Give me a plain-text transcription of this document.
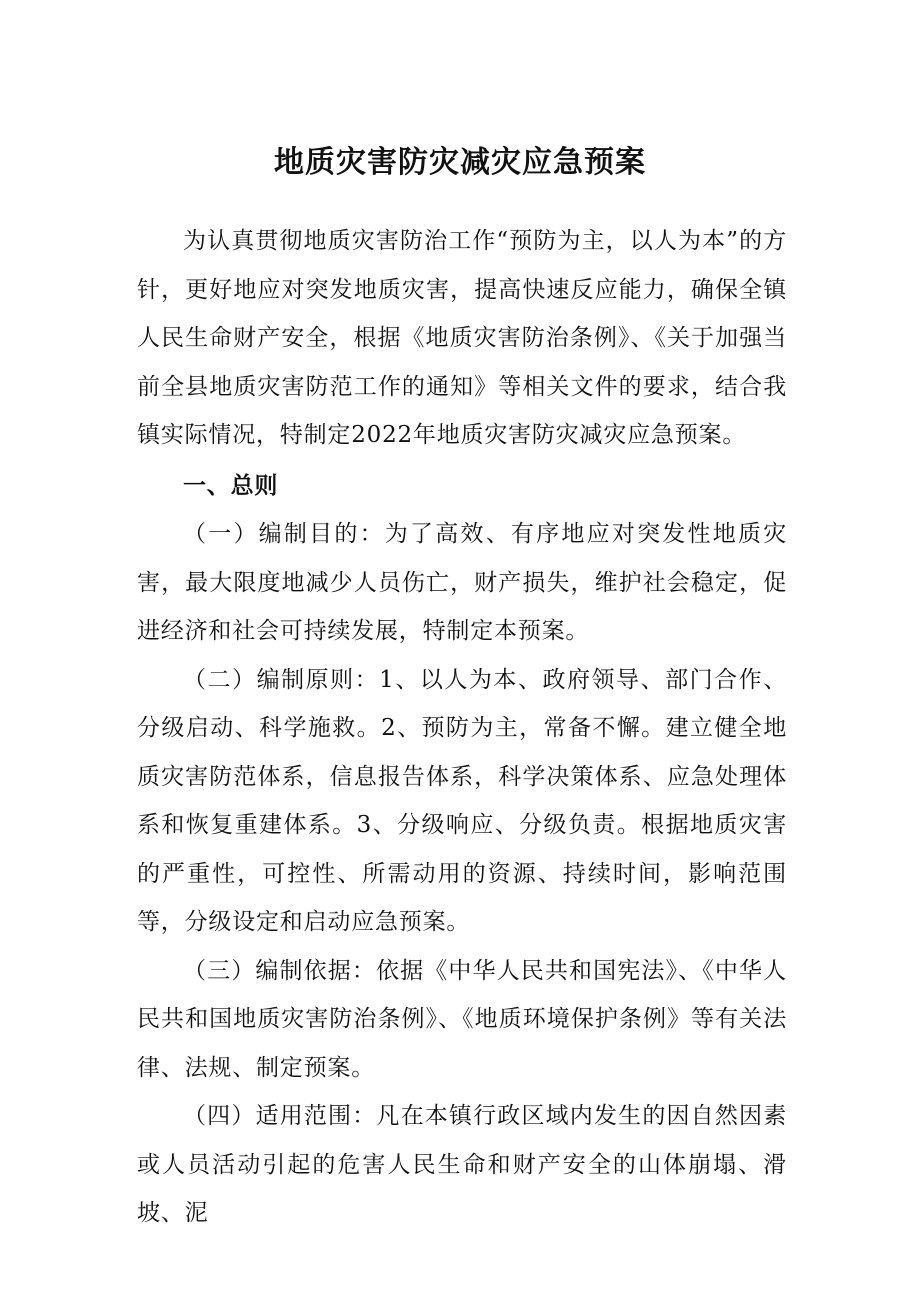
地质灾害防灾减灾应急预案

为认真贯彻地质灾害防治工作“预防为主，以人为本”的方针，更好地应对突发地质灾害，提高快速反应能力，确保全镇人民生命财产安全，根据《地质灾害防治条例》、《关于加强当前全县地质灾害防范工作的通知》等相关文件的要求，结合我镇实际情况，特制定2022年地质灾害防灾减灾应急预案。

一、总则

（一）编制目的：为了高效、有序地应对突发性地质灾害，最大限度地减少人员伤亡，财产损失，维护社会稳定，促进经济和社会可持续发展，特制定本预案。

（二）编制原则：1、以人为本、政府领导、部门合作、分级启动、科学施救。2、预防为主，常备不懈。建立健全地质灾害防范体系，信息报告体系，科学决策体系、应急处理体系和恢复重建体系。3、分级响应、分级负责。根据地质灾害的严重性，可控性、所需动用的资源、持续时间，影响范围等，分级设定和启动应急预案。

（三）编制依据：依据《中华人民共和国宪法》、《中华人民共和国地质灾害防治条例》、《地质环境保护条例》等有关法律、法规、制定预案。

（四）适用范围：凡在本镇行政区域内发生的因自然因素或人员活动引起的危害人民生命和财产安全的山体崩塌、滑坡、泥
